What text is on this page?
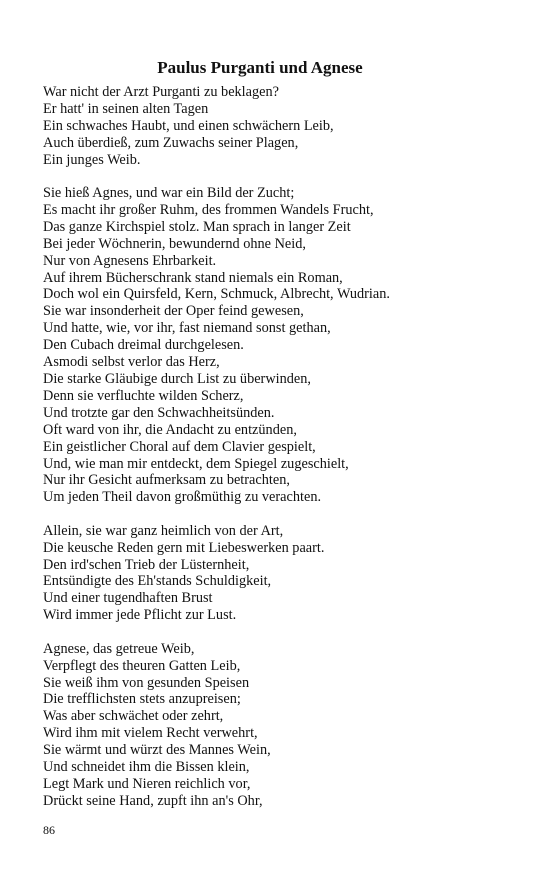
Paulus Purganti und Agnese
War nicht der Arzt Purganti zu beklagen?
Er hatt' in seinen alten Tagen
Ein schwaches Haubt, und einen schwächern Leib,
Auch überdieß, zum Zuwachs seiner Plagen,
Ein junges Weib.
Sie hieß Agnes, und war ein Bild der Zucht;
Es macht ihr großer Ruhm, des frommen Wandels Frucht,
Das ganze Kirchspiel stolz. Man sprach in langer Zeit
Bei jeder Wöchnerin, bewundernd ohne Neid,
Nur von Agnesens Ehrbarkeit.
Auf ihrem Bücherschrank stand niemals ein Roman,
Doch wol ein Quirsfeld, Kern, Schmuck, Albrecht, Wudrian.
Sie war insonderheit der Oper feind gewesen,
Und hatte, wie, vor ihr, fast niemand sonst gethan,
Den Cubach dreimal durchgelesen.
Asmodi selbst verlor das Herz,
Die starke Gläubige durch List zu überwinden,
Denn sie verfluchte wilden Scherz,
Und trotzte gar den Schwachheitsünden.
Oft ward von ihr, die Andacht zu entzünden,
Ein geistlicher Choral auf dem Clavier gespielt,
Und, wie man mir entdeckt, dem Spiegel zugeschielt,
Nur ihr Gesicht aufmerksam zu betrachten,
Um jeden Theil davon großmüthig zu verachten.
Allein, sie war ganz heimlich von der Art,
Die keusche Reden gern mit Liebeswerken paart.
Den ird'schen Trieb der Lüsternheit,
Entsündigte des Eh'stands Schuldigkeit,
Und einer tugendhaften Brust
Wird immer jede Pflicht zur Lust.
Agnese, das getreue Weib,
Verpflegt des theuren Gatten Leib,
Sie weiß ihm von gesunden Speisen
Die trefflichsten stets anzupreisen;
Was aber schwächet oder zehrt,
Wird ihm mit vielem Recht verwehrt,
Sie wärmt und würzt des Mannes Wein,
Und schneidet ihm die Bissen klein,
Legt Mark und Nieren reichlich vor,
Drückt seine Hand, zupft ihn an's Ohr,
86
